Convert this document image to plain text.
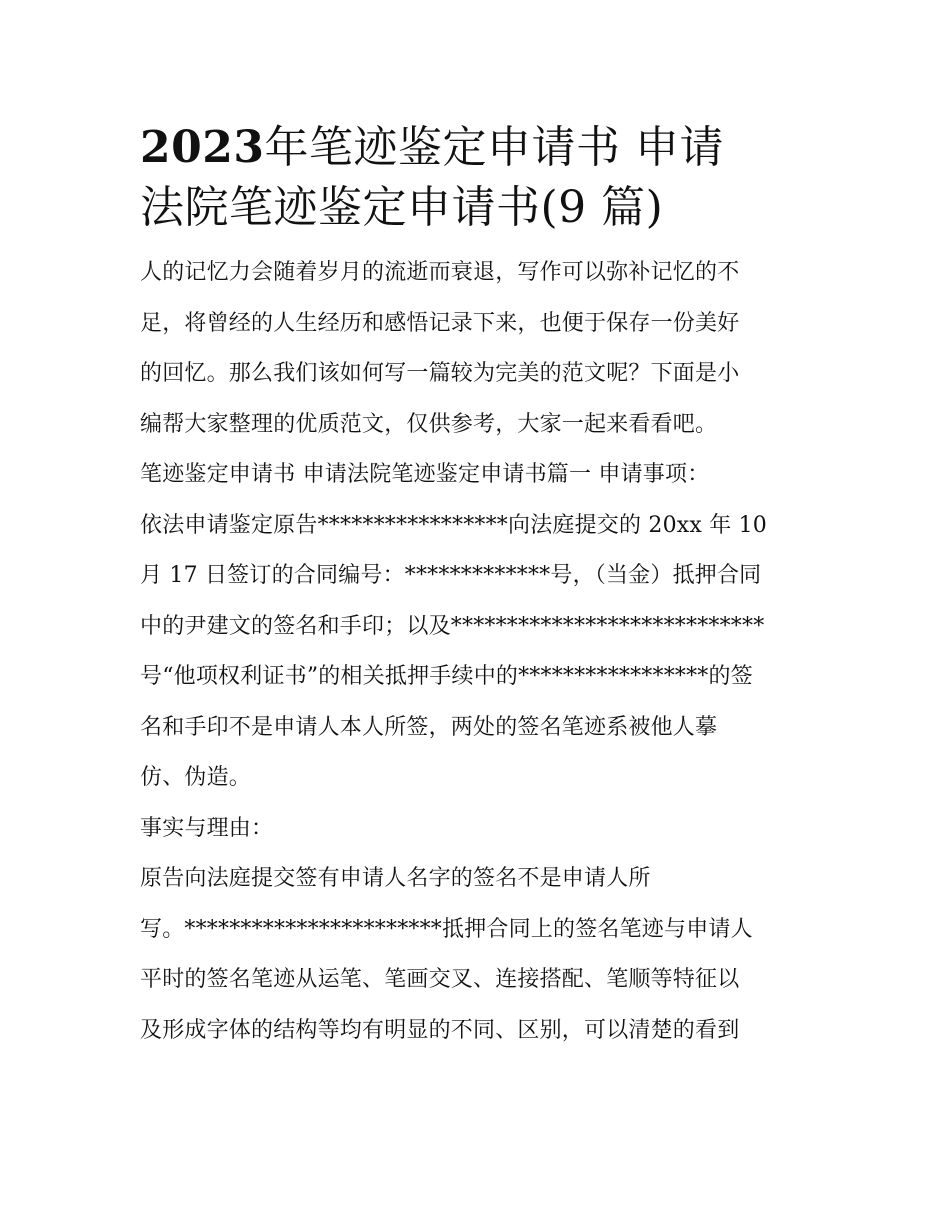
2023年笔迹鉴定申请书 申请
法院笔迹鉴定申请书(9 篇)
人的记忆力会随着岁月的流逝而衰退，写作可以弥补记忆的不
足，将曾经的人生经历和感悟记录下来，也便于保存一份美好
的回忆。那么我们该如何写一篇较为完美的范文呢？下面是小
编帮大家整理的优质范文，仅供参考，大家一起来看看吧。
笔迹鉴定申请书 申请法院笔迹鉴定申请书篇一 申请事项：
依法申请鉴定原告*****************向法庭提交的 20xx 年 10
月 17 日签订的合同编号：*************号，（当金）抵押合同
中的尹建文的签名和手印；以及****************************
号“他项权利证书”的相关抵押手续中的*****************的签
名和手印不是申请人本人所签，两处的签名笔迹系被他人摹
仿、伪造。
事实与理由：
原告向法庭提交签有申请人名字的签名不是申请人所
写。***********************抵押合同上的签名笔迹与申请人
平时的签名笔迹从运笔、笔画交叉、连接搭配、笔顺等特征以
及形成字体的结构等均有明显的不同、区别，可以清楚的看到
